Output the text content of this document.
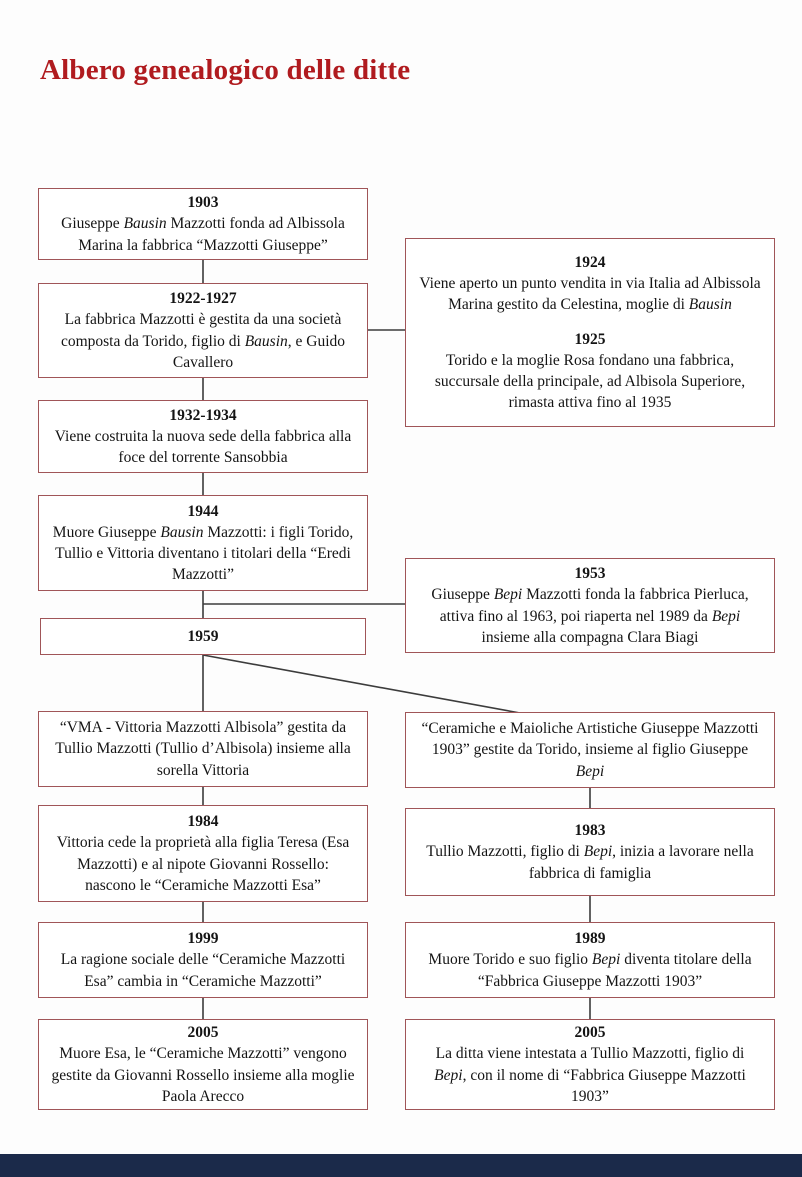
Albero genealogico delle ditte
1903
Giuseppe Bausin Mazzotti fonda ad Albissola Marina la fabbrica “Mazzotti Giuseppe”
1922-1927
La fabbrica Mazzotti è gestita da una società composta da Torido, figlio di Bausin, e Guido Cavallero
1932-1934
Viene costruita la nuova sede della fabbrica alla foce del torrente Sansobbia
1944
Muore Giuseppe Bausin Mazzotti: i figli Torido, Tullio e Vittoria diventano i titolari della “Eredi Mazzotti”
1959
1924
Viene aperto un punto vendita in via Italia ad Albissola Marina gestito da Celestina, moglie di Bausin
1925
Torido e la moglie Rosa fondano una fabbrica, succursale della principale, ad Albisola Superiore, rimasta attiva fino al 1935
1953
Giuseppe Bepi Mazzotti fonda la fabbrica Pierluca, attiva fino al 1963, poi riaperta nel 1989 da Bepi insieme alla compagna Clara Biagi
“VMA - Vittoria Mazzotti Albisola” gestita da Tullio Mazzotti (Tullio d’Albisola) insieme alla sorella Vittoria
1984
Vittoria cede la proprietà alla figlia Teresa (Esa Mazzotti) e al nipote Giovanni Rossello: nascono le “Ceramiche Mazzotti Esa”
1999
La ragione sociale delle “Ceramiche Mazzotti Esa” cambia in “Ceramiche Mazzotti”
2005
Muore Esa, le “Ceramiche Mazzotti” vengono gestite da Giovanni Rossello insieme alla moglie Paola Arecco
“Ceramiche e Maioliche Artistiche Giuseppe Mazzotti 1903” gestite da Torido, insieme al figlio Giuseppe Bepi
1983
Tullio Mazzotti, figlio di Bepi, inizia a lavorare nella fabbrica di famiglia
1989
Muore Torido e suo figlio Bepi diventa titolare della “Fabbrica Giuseppe Mazzotti 1903”
2005
La ditta viene intestata a Tullio Mazzotti, figlio di Bepi, con il nome di “Fabbrica Giuseppe Mazzotti 1903”
